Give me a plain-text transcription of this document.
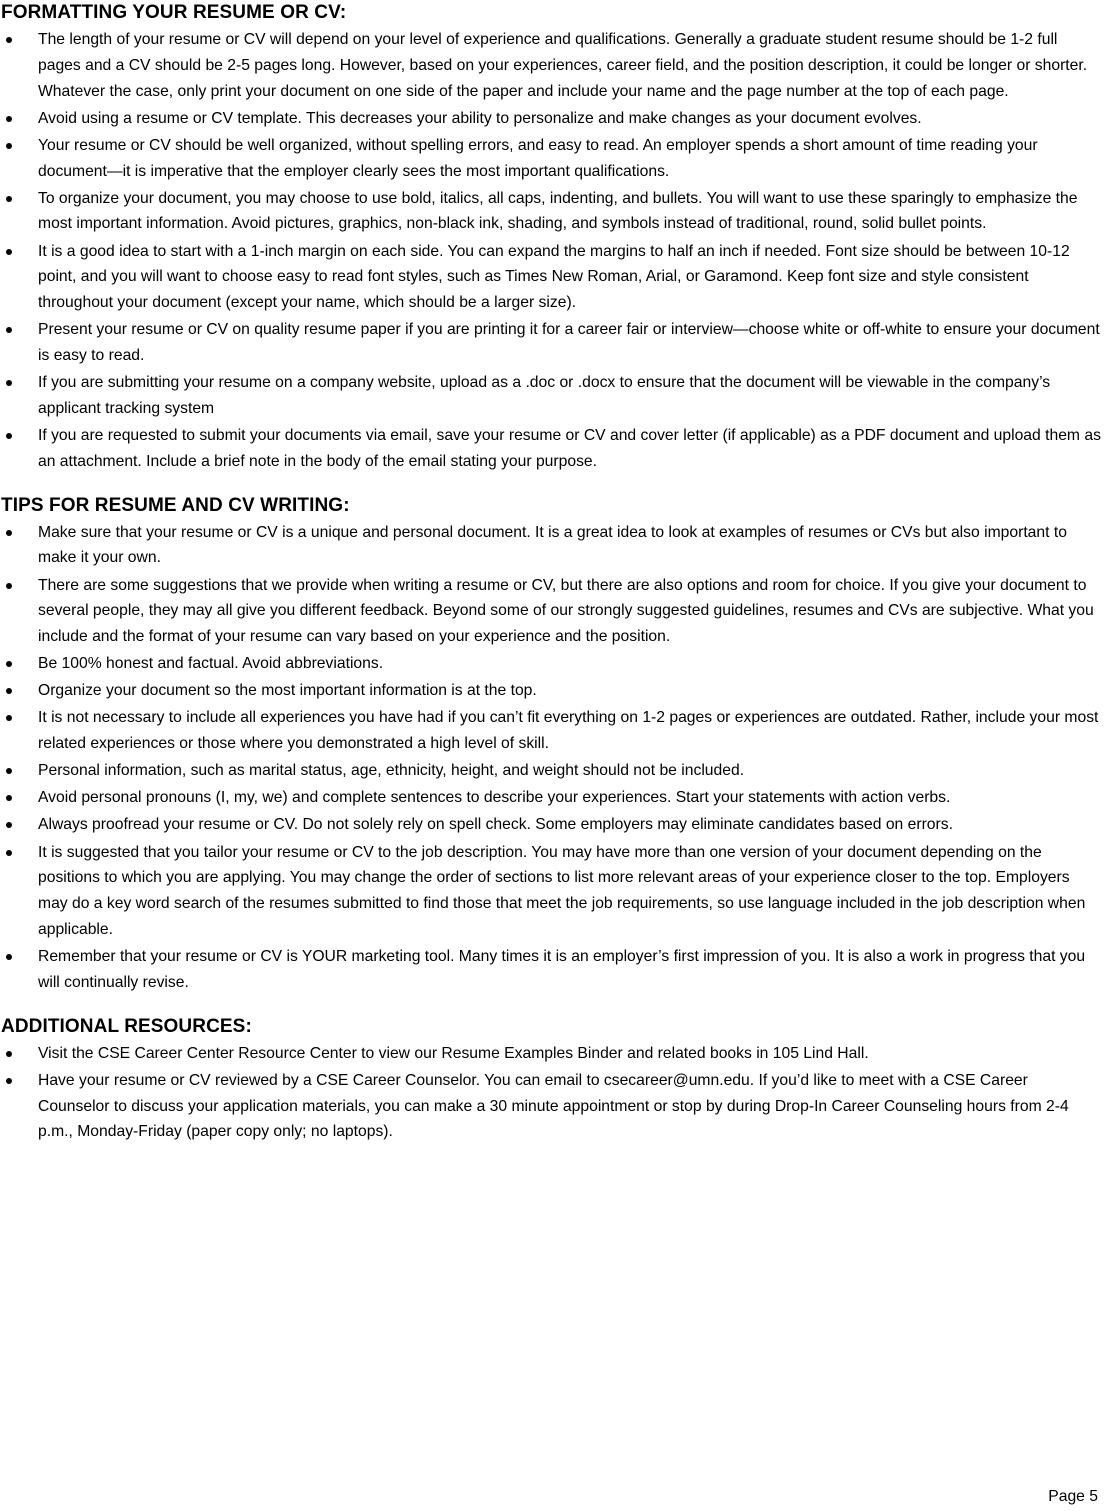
FORMATTING YOUR RESUME OR CV:
The length of your resume or CV will depend on your level of experience and qualifications. Generally a graduate student resume should be 1-2 full pages and a CV should be 2-5 pages long. However, based on your experiences, career field, and the position description, it could be longer or shorter. Whatever the case, only print your document on one side of the paper and include your name and the page number at the top of each page.
Avoid using a resume or CV template. This decreases your ability to personalize and make changes as your document evolves.
Your resume or CV should be well organized, without spelling errors, and easy to read. An employer spends a short amount of time reading your document—it is imperative that the employer clearly sees the most important qualifications.
To organize your document, you may choose to use bold, italics, all caps, indenting, and bullets. You will want to use these sparingly to emphasize the most important information. Avoid pictures, graphics, non-black ink, shading, and symbols instead of traditional, round, solid bullet points.
It is a good idea to start with a 1-inch margin on each side. You can expand the margins to half an inch if needed. Font size should be between 10-12 point, and you will want to choose easy to read font styles, such as Times New Roman, Arial, or Garamond. Keep font size and style consistent throughout your document (except your name, which should be a larger size).
Present your resume or CV on quality resume paper if you are printing it for a career fair or interview—choose white or off-white to ensure your document is easy to read.
If you are submitting your resume on a company website, upload as a .doc or .docx to ensure that the document will be viewable in the company’s applicant tracking system
If you are requested to submit your documents via email, save your resume or CV and cover letter (if applicable) as a PDF document and upload them as an attachment. Include a brief note in the body of the email stating your purpose.
TIPS FOR RESUME AND CV WRITING:
Make sure that your resume or CV is a unique and personal document. It is a great idea to look at examples of resumes or CVs but also important to make it your own.
There are some suggestions that we provide when writing a resume or CV, but there are also options and room for choice. If you give your document to several people, they may all give you different feedback. Beyond some of our strongly suggested guidelines, resumes and CVs are subjective. What you include and the format of your resume can vary based on your experience and the position.
Be 100% honest and factual. Avoid abbreviations.
Organize your document so the most important information is at the top.
It is not necessary to include all experiences you have had if you can’t fit everything on 1-2 pages or experiences are outdated. Rather, include your most related experiences or those where you demonstrated a high level of skill.
Personal information, such as marital status, age, ethnicity, height, and weight should not be included.
Avoid personal pronouns (I, my, we) and complete sentences to describe your experiences. Start your statements with action verbs.
Always proofread your resume or CV. Do not solely rely on spell check. Some employers may eliminate candidates based on errors.
It is suggested that you tailor your resume or CV to the job description. You may have more than one version of your document depending on the positions to which you are applying. You may change the order of sections to list more relevant areas of your experience closer to the top. Employers may do a key word search of the resumes submitted to find those that meet the job requirements, so use language included in the job description when applicable.
Remember that your resume or CV is YOUR marketing tool. Many times it is an employer’s first impression of you. It is also a work in progress that you will continually revise.
ADDITIONAL RESOURCES:
Visit the CSE Career Center Resource Center to view our Resume Examples Binder and related books in 105 Lind Hall.
Have your resume or CV reviewed by a CSE Career Counselor. You can email to csecareer@umn.edu. If you’d like to meet with a CSE Career Counselor to discuss your application materials, you can make a 30 minute appointment or stop by during Drop-In Career Counseling hours from 2-4 p.m., Monday-Friday (paper copy only; no laptops).
Page 5
